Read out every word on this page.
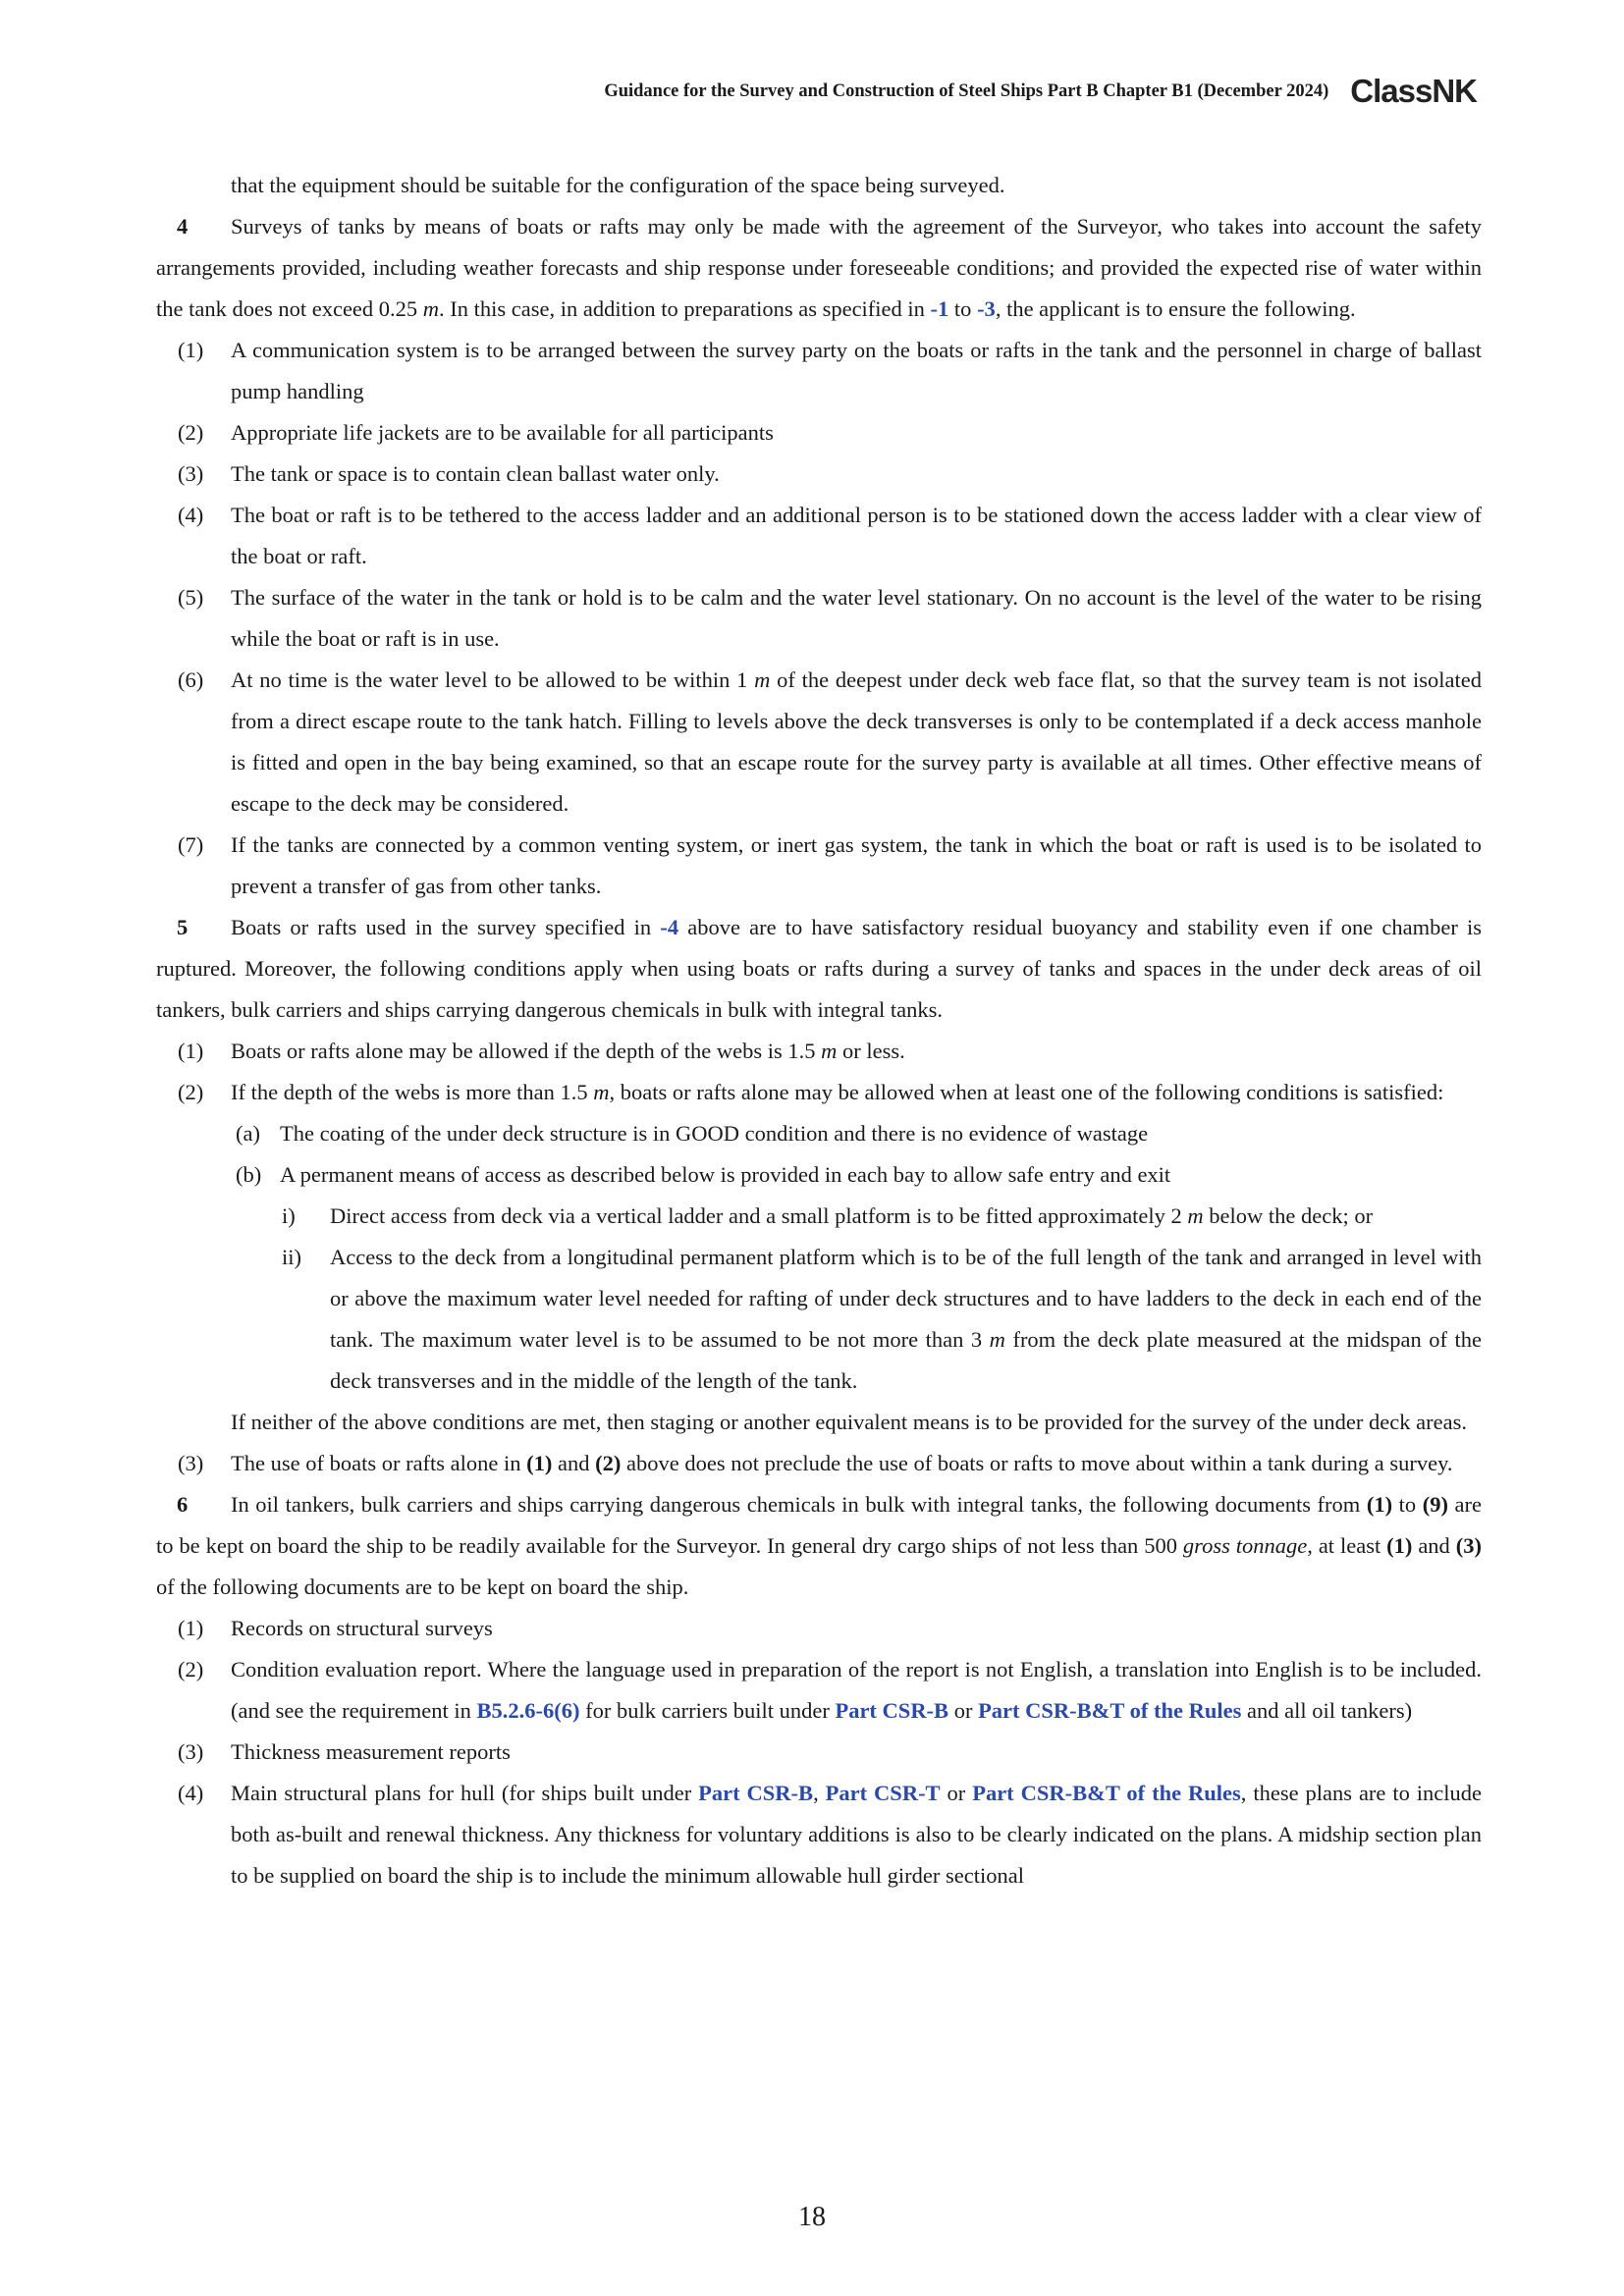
Guidance for the Survey and Construction of Steel Ships Part B Chapter B1 (December 2024) ClassNK

that the equipment should be suitable for the configuration of the space being surveyed.

4 Surveys of tanks by means of boats or rafts may only be made with the agreement of the Surveyor, who takes into account the safety arrangements provided, including weather forecasts and ship response under foreseeable conditions; and provided the expected rise of water within the tank does not exceed 0.25 m. In this case, in addition to preparations as specified in -1 to -3, the applicant is to ensure the following.

(1) A communication system is to be arranged between the survey party on the boats or rafts in the tank and the personnel in charge of ballast pump handling

(2) Appropriate life jackets are to be available for all participants

(3) The tank or space is to contain clean ballast water only.

(4) The boat or raft is to be tethered to the access ladder and an additional person is to be stationed down the access ladder with a clear view of the boat or raft.

(5) The surface of the water in the tank or hold is to be calm and the water level stationary. On no account is the level of the water to be rising while the boat or raft is in use.

(6) At no time is the water level to be allowed to be within 1 m of the deepest under deck web face flat, so that the survey team is not isolated from a direct escape route to the tank hatch. Filling to levels above the deck transverses is only to be contemplated if a deck access manhole is fitted and open in the bay being examined, so that an escape route for the survey party is available at all times. Other effective means of escape to the deck may be considered.

(7) If the tanks are connected by a common venting system, or inert gas system, the tank in which the boat or raft is used is to be isolated to prevent a transfer of gas from other tanks.

5 Boats or rafts used in the survey specified in -4 above are to have satisfactory residual buoyancy and stability even if one chamber is ruptured. Moreover, the following conditions apply when using boats or rafts during a survey of tanks and spaces in the under deck areas of oil tankers, bulk carriers and ships carrying dangerous chemicals in bulk with integral tanks.

(1) Boats or rafts alone may be allowed if the depth of the webs is 1.5 m or less.

(2) If the depth of the webs is more than 1.5 m, boats or rafts alone may be allowed when at least one of the following conditions is satisfied:

(a) The coating of the under deck structure is in GOOD condition and there is no evidence of wastage

(b) A permanent means of access as described below is provided in each bay to allow safe entry and exit

i) Direct access from deck via a vertical ladder and a small platform is to be fitted approximately 2 m below the deck; or

ii) Access to the deck from a longitudinal permanent platform which is to be of the full length of the tank and arranged in level with or above the maximum water level needed for rafting of under deck structures and to have ladders to the deck in each end of the tank. The maximum water level is to be assumed to be not more than 3 m from the deck plate measured at the midspan of the deck transverses and in the middle of the length of the tank.

If neither of the above conditions are met, then staging or another equivalent means is to be provided for the survey of the under deck areas.

(3) The use of boats or rafts alone in (1) and (2) above does not preclude the use of boats or rafts to move about within a tank during a survey.

6 In oil tankers, bulk carriers and ships carrying dangerous chemicals in bulk with integral tanks, the following documents from (1) to (9) are to be kept on board the ship to be readily available for the Surveyor. In general dry cargo ships of not less than 500 gross tonnage, at least (1) and (3) of the following documents are to be kept on board the ship.

(1) Records on structural surveys

(2) Condition evaluation report. Where the language used in preparation of the report is not English, a translation into English is to be included. (and see the requirement in B5.2.6-6(6) for bulk carriers built under Part CSR-B or Part CSR-B&T of the Rules and all oil tankers)

(3) Thickness measurement reports

(4) Main structural plans for hull (for ships built under Part CSR-B, Part CSR-T or Part CSR-B&T of the Rules, these plans are to include both as-built and renewal thickness. Any thickness for voluntary additions is also to be clearly indicated on the plans. A midship section plan to be supplied on board the ship is to include the minimum allowable hull girder sectional

18
